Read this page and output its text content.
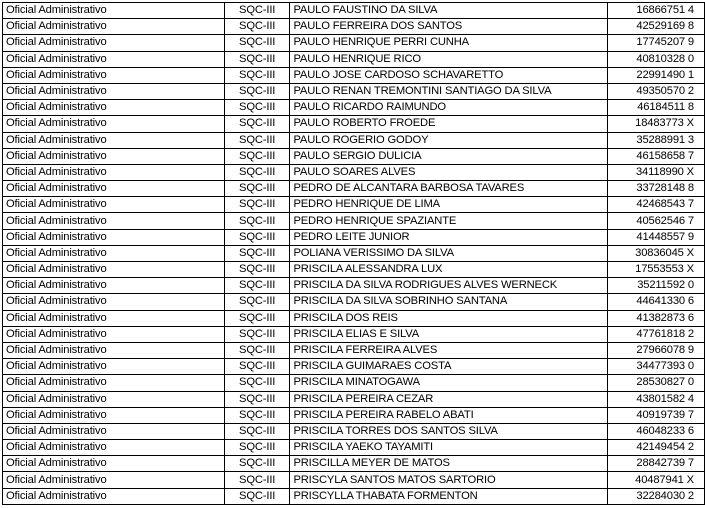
Oficial Administrativo	SQC-III	PAULO FAUSTINO DA SILVA	16866751 4
Oficial Administrativo	SQC-III	PAULO FERREIRA DOS SANTOS	42529169 8
Oficial Administrativo	SQC-III	PAULO HENRIQUE PERRI CUNHA	17745207 9
Oficial Administrativo	SQC-III	PAULO HENRIQUE RICO	40810328 0
Oficial Administrativo	SQC-III	PAULO JOSE CARDOSO SCHAVARETTO	22991490 1
Oficial Administrativo	SQC-III	PAULO RENAN TREMONTINI SANTIAGO DA SILVA	49350570 2
Oficial Administrativo	SQC-III	PAULO RICARDO RAIMUNDO	46184511 8
Oficial Administrativo	SQC-III	PAULO ROBERTO FROEDE	18483773 X
Oficial Administrativo	SQC-III	PAULO ROGERIO GODOY	35288991 3
Oficial Administrativo	SQC-III	PAULO SERGIO DULICIA	46158658 7
Oficial Administrativo	SQC-III	PAULO SOARES ALVES	34118990 X
Oficial Administrativo	SQC-III	PEDRO DE ALCANTARA BARBOSA TAVARES	33728148 8
Oficial Administrativo	SQC-III	PEDRO HENRIQUE DE LIMA	42468543 7
Oficial Administrativo	SQC-III	PEDRO HENRIQUE SPAZIANTE	40562546 7
Oficial Administrativo	SQC-III	PEDRO LEITE JUNIOR	41448557 9
Oficial Administrativo	SQC-III	POLIANA VERISSIMO DA SILVA	30836045 X
Oficial Administrativo	SQC-III	PRISCILA ALESSANDRA LUX	17553553 X
Oficial Administrativo	SQC-III	PRISCILA DA SILVA RODRIGUES ALVES WERNECK	35211592 0
Oficial Administrativo	SQC-III	PRISCILA DA SILVA SOBRINHO SANTANA	44641330 6
Oficial Administrativo	SQC-III	PRISCILA DOS REIS	41382873 6
Oficial Administrativo	SQC-III	PRISCILA ELIAS E SILVA	47761818 2
Oficial Administrativo	SQC-III	PRISCILA FERREIRA ALVES	27966078 9
Oficial Administrativo	SQC-III	PRISCILA GUIMARAES COSTA	34477393 0
Oficial Administrativo	SQC-III	PRISCILA MINATOGAWA	28530827 0
Oficial Administrativo	SQC-III	PRISCILA PEREIRA CEZAR	43801582 4
Oficial Administrativo	SQC-III	PRISCILA PEREIRA RABELO ABATI	40919739 7
Oficial Administrativo	SQC-III	PRISCILA TORRES DOS SANTOS SILVA	46048233 6
Oficial Administrativo	SQC-III	PRISCILA YAEKO TAYAMITI	42149454 2
Oficial Administrativo	SQC-III	PRISCILLA MEYER DE MATOS	28842739 7
Oficial Administrativo	SQC-III	PRISCYLA SANTOS MATOS SARTORIO	40487941 X
Oficial Administrativo	SQC-III	PRISCYLLA THABATA FORMENTON	32284030 2
